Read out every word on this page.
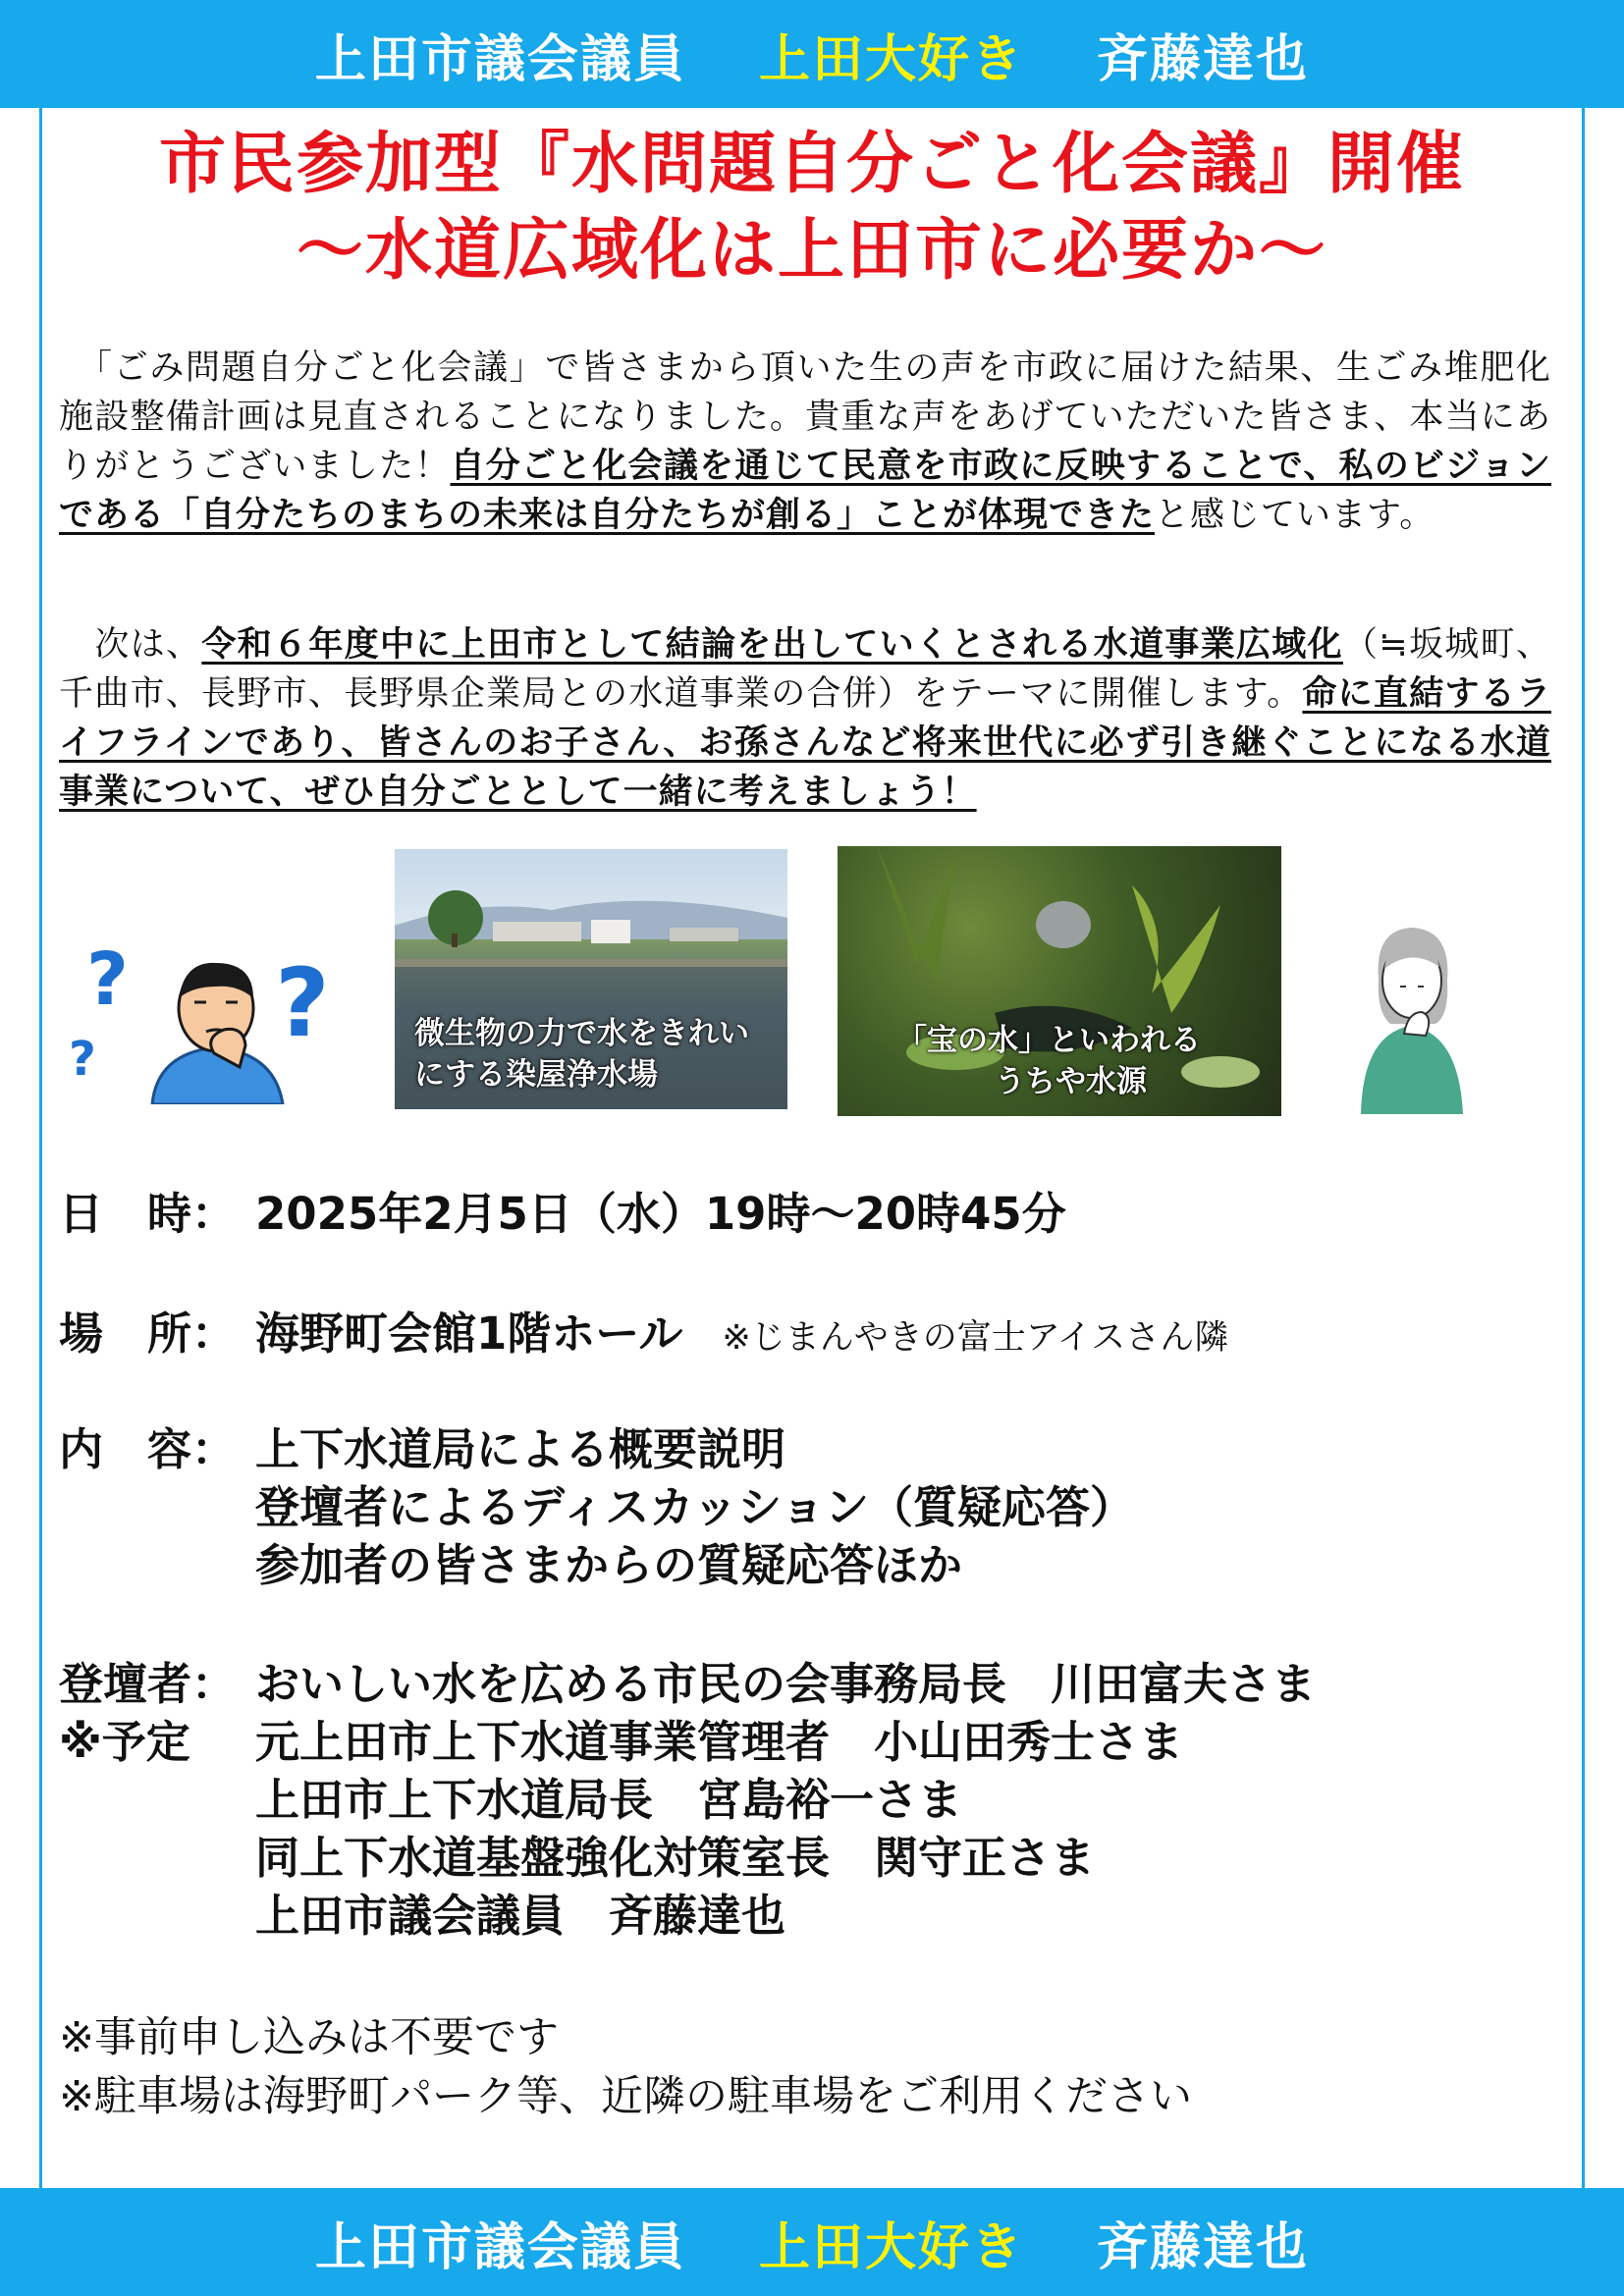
上田市議会議員
　 上田大好き
　 斉藤達也
市民参加型『水問題自分ごと化会議』開催
〜水道広域化は上田市に必要か〜
　「ごみ問題自分ごと化会議」で皆さまから頂いた生の声を市政に届けた結果、生ごみ堆肥化施設整備計画は見直されることになりました。貴重な声をあげていただいた皆さま、本当にありがとうございました！自分ごと化会議を通じて民意を市政に反映することで、私のビジョンである「自分たちのまちの未来は自分たちが創る」ことが体現できたと感じています。
　次は、令和６年度中に上田市として結論を出していくとされる水道事業広域化（≒坂城町、千曲市、長野市、長野県企業局との水道事業の合併）をテーマに開催します。命に直結するライフラインであり、皆さんのお子さん、お孫さんなど将来世代に必ず引き継ぐことになる水道事業について、ぜひ自分ごととして一緒に考えましょう！
?
?
?	微生物の力で水をきれい
にする染屋浄水場
「宝の水」といわれる
うちや水源
日　時： 2025年2月5日（水）19時〜20時45分
場　所： 海野町会館1階ホール ※じまんやきの富士アイスさん隣
内　容： 上下水道局による概要説明
登壇者によるディスカッション（質疑応答）
参加者の皆さまからの質疑応答ほか
登壇者： おいしい水を広める市民の会事務局長　川田富夫さま
※予定 元上田市上下水道事業管理者　小山田秀士さま
上田市上下水道局長　宮島裕一さま
同上下水道基盤強化対策室長　関守正さま
上田市議会議員　斉藤達也
※事前申し込みは不要です
※駐車場は海野町パーク等、近隣の駐車場をご利用ください
上田市議会議員
　 上田大好き
　 斉藤達也
